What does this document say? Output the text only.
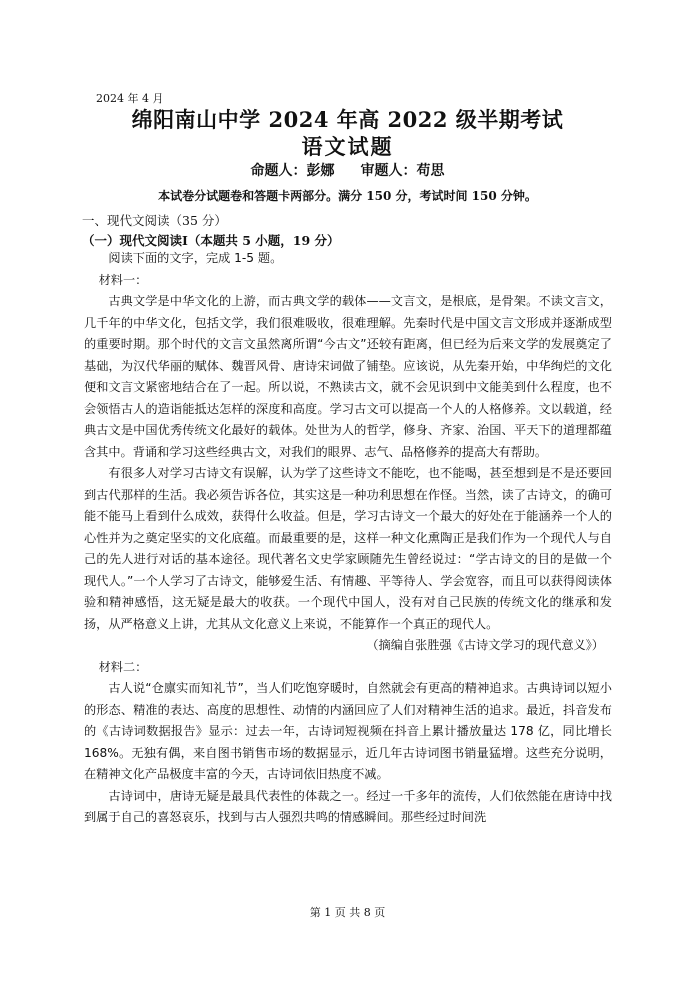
2024 年 4 月
绵阳南山中学 2024 年高 2022 级半期考试
语文试题
命题人：彭娜 审题人：苟思
本试卷分试题卷和答题卡两部分。满分 150 分，考试时间 150 分钟。
一、现代文阅读（35 分）
（一）现代文阅读Ⅰ（本题共 5 小题，19 分）

阅读下面的文字，完成 1-5 题。

材料一：

古典文学是中华文化的上游，而古典文学的载体——文言文，是根底，是骨架。不读文言文，几千年的中华文化，包括文学，我们很难吸收，很难理解。先秦时代是中国文言文形成并逐渐成型的重要时期。那个时代的文言文虽然离所谓“今古文”还较有距离，但已经为后来文学的发展奠定了基础，为汉代华丽的赋体、魏晋风骨、唐诗宋词做了铺垫。应该说，从先秦开始，中华绚烂的文化便和文言文紧密地结合在了一起。所以说，不熟读古文，就不会见识到中文能美到什么程度，也不会领悟古人的造诣能抵达怎样的深度和高度。学习古文可以提高一个人的人格修养。文以载道，经典古文是中国优秀传统文化最好的载体。处世为人的哲学，修身、齐家、治国、平天下的道理都蕴含其中。背诵和学习这些经典古文，对我们的眼界、志气、品格修养的提高大有帮助。

有很多人对学习古诗文有误解，认为学了这些诗文不能吃，也不能喝，甚至想到是不是还要回到古代那样的生活。我必须告诉各位，其实这是一种功利思想在作怪。当然，读了古诗文，的确可能不能马上看到什么成效，获得什么收益。但是，学习古诗文一个最大的好处在于能涵养一个人的心性并为之奠定坚实的文化底蕴。而最重要的是，这样一种文化熏陶正是我们作为一个现代人与自己的先人进行对话的基本途径。现代著名文史学家顾随先生曾经说过：“学古诗文的目的是做一个现代人。”一个人学习了古诗文，能够爱生活、有情趣、平等待人、学会宽容，而且可以获得阅读体验和精神感悟，这无疑是最大的收获。一个现代中国人，没有对自己民族的传统文化的继承和发扬，从严格意义上讲，尤其从文化意义上来说，不能算作一个真正的现代人。

（摘编自张胜强《古诗文学习的现代意义》）

材料二：

古人说“仓廪实而知礼节”，当人们吃饱穿暖时，自然就会有更高的精神追求。古典诗词以短小的形态、精准的表达、高度的思想性、动情的内涵回应了人们对精神生活的追求。最近，抖音发布的《古诗词数据报告》显示：过去一年，古诗词短视频在抖音上累计播放量达 178 亿，同比增长 168%。无独有偶，来自图书销售市场的数据显示，近几年古诗词图书销量猛增。这些充分说明，在精神文化产品极度丰富的今天，古诗词依旧热度不减。

古诗词中，唐诗无疑是最具代表性的体裁之一。经过一千多年的流传，人们依然能在唐诗中找到属于自己的喜怒哀乐，找到与古人强烈共鸣的情感瞬间。那些经过时间洗

第 1 页 共 8 页
